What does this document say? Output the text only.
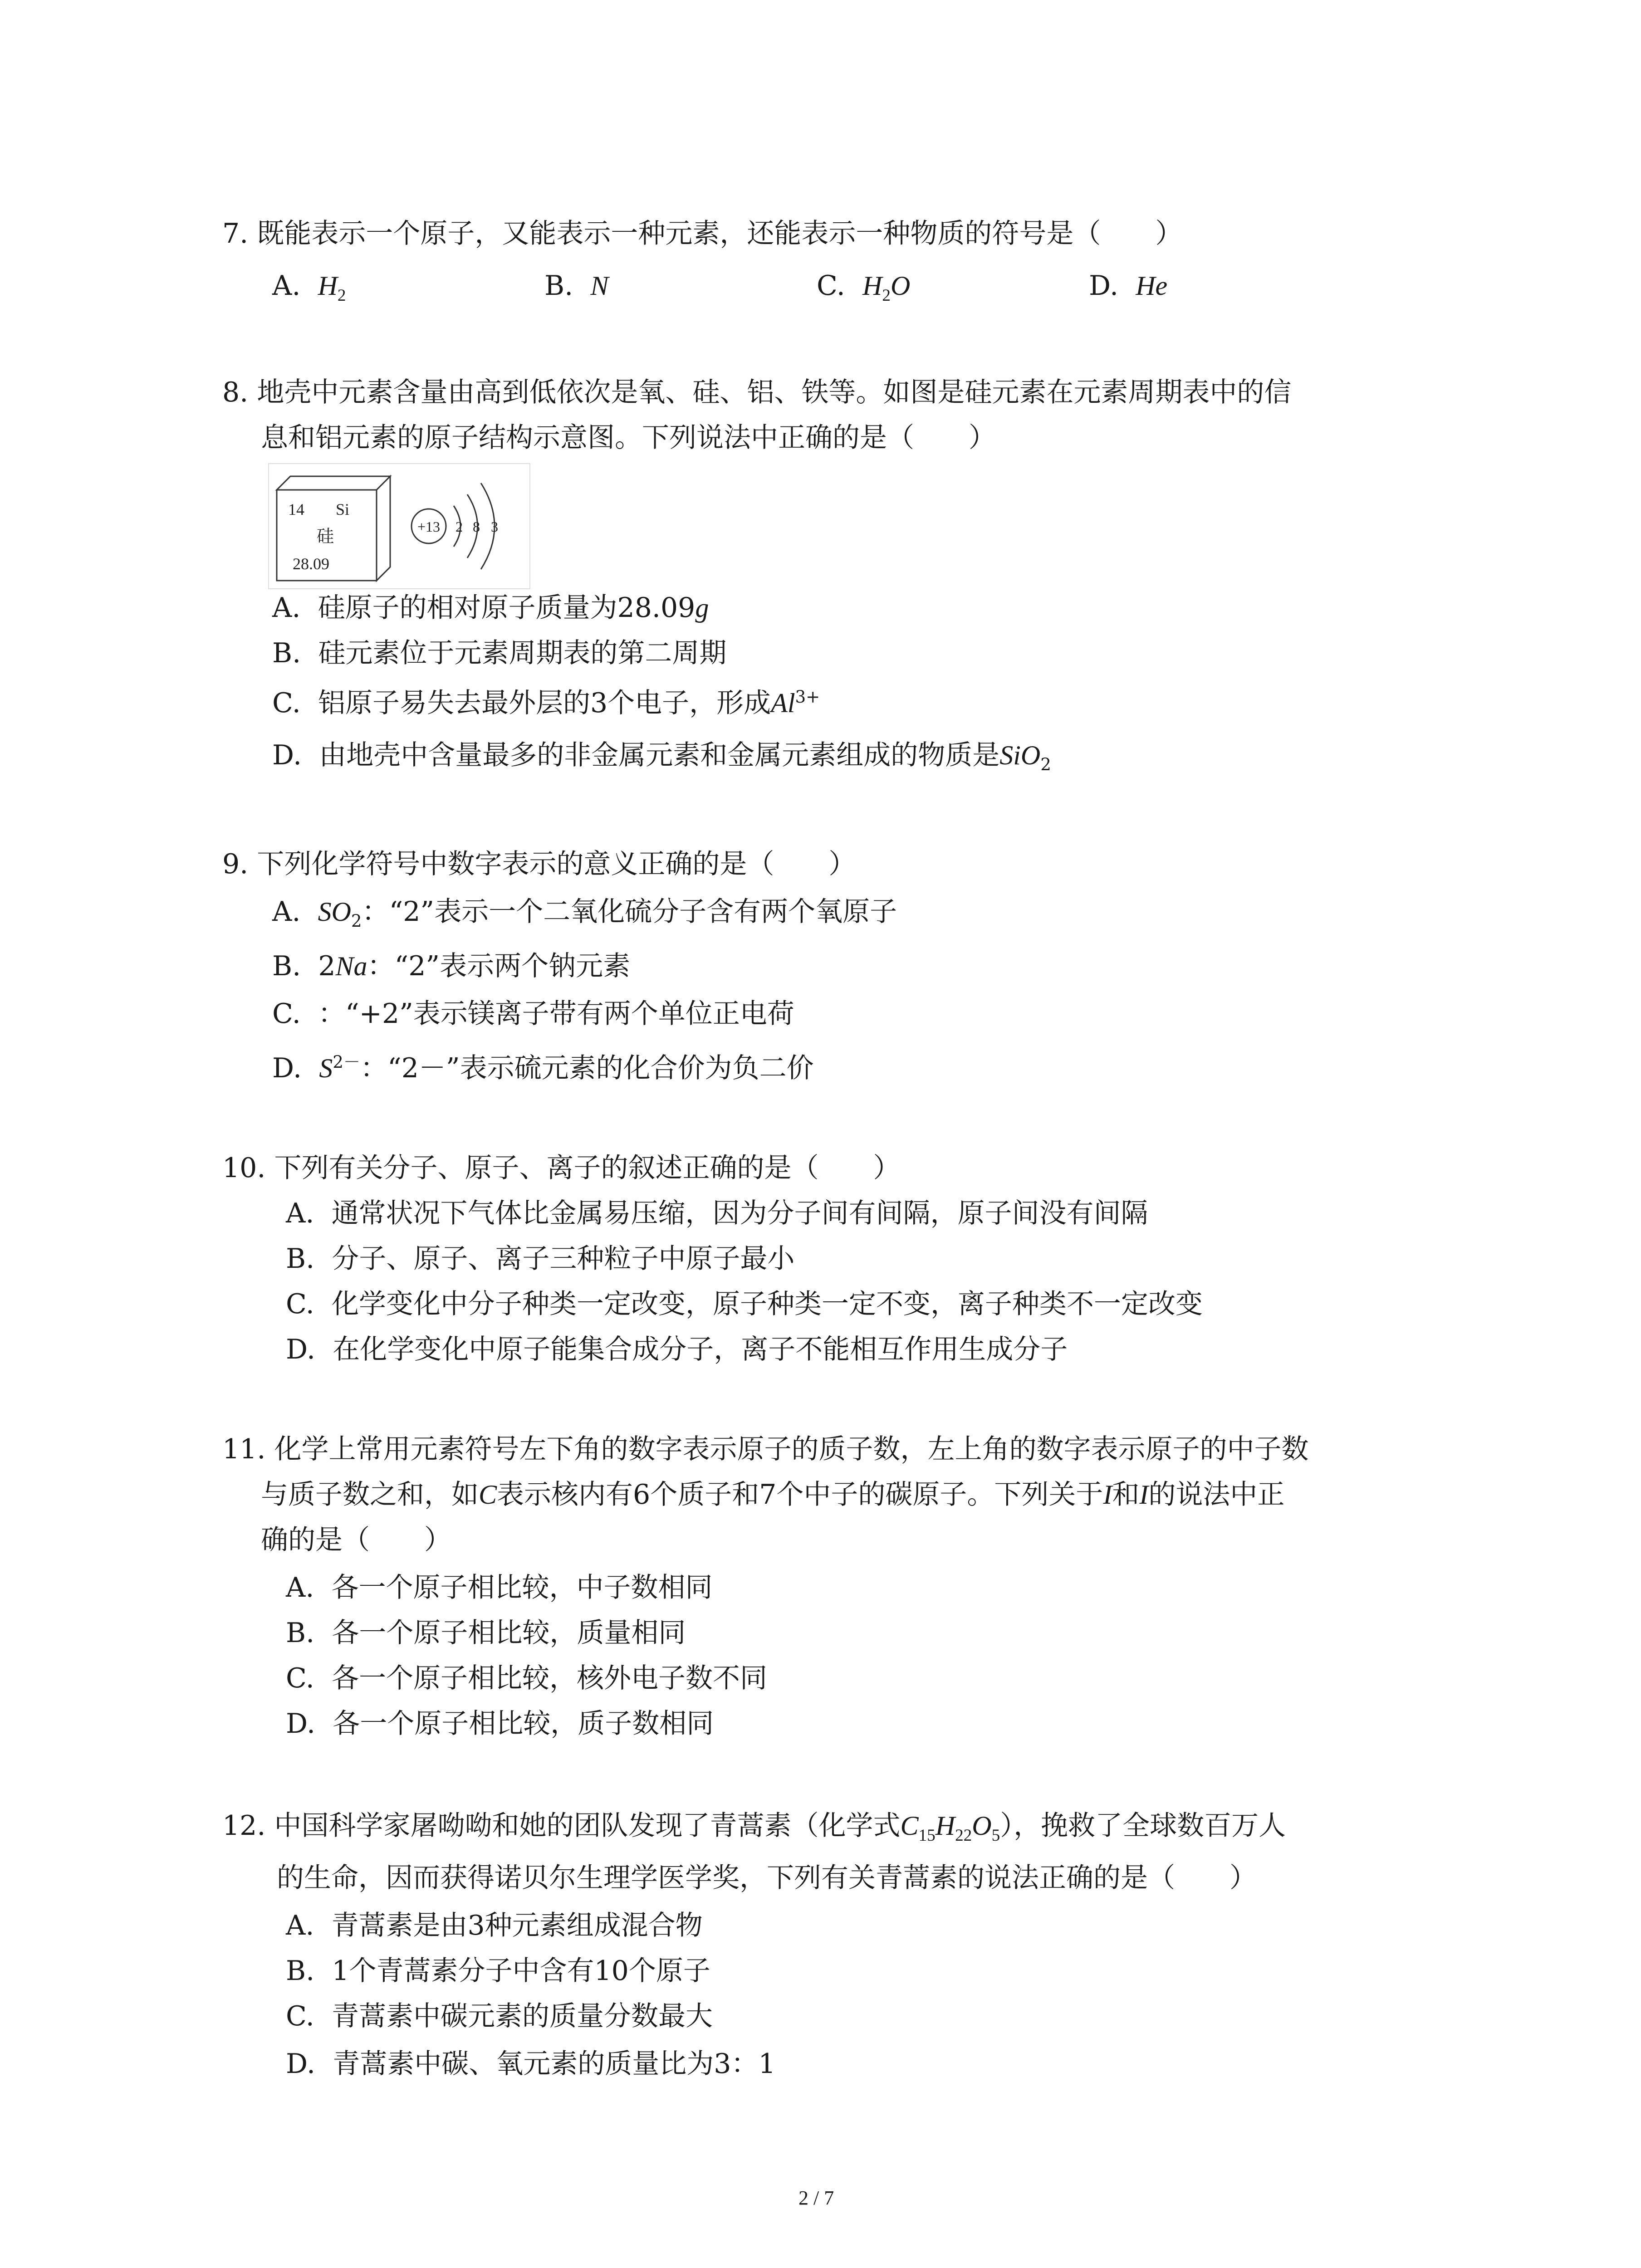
7. 既能表示一个原子，又能表示一种元素，还能表示一种物质的符号是（　　）
A. $H_2$	B. N	C. $H_2O$	D. He
8. 地壳中元素含量由高到低依次是氧、硅、铝、铁等。如图是硅元素在元素周期表中的信
息和铝元素的原子结构示意图。下列说法中正确的是（　　）
14 Si
硅
28.09
+13 2 8 3
A. 硅原子的相对原子质量为28.09g
B. 硅元素位于元素周期表的第二周期
C. 铝原子易失去最外层的3个电子，形成$Al^{3+}$
D. 由地壳中含量最多的非金属元素和金属元素组成的物质是SiO$_2$
9. 下列化学符号中数字表示的意义正确的是（　　）
A. $SO_2$：“2”表示一个二氧化硫分子含有两个氧原子
B. 2Na：“2”表示两个钠元素
C. ：“+2”表示镁离子带有两个单位正电荷
D. $S^{2-}$：“2－”表示硫元素的化合价为负二价
10. 下列有关分子、原子、离子的叙述正确的是（　　）
A. 通常状况下气体比金属易压缩，因为分子间有间隔，原子间没有间隔
B. 分子、原子、离子三种粒子中原子最小
C. 化学变化中分子种类一定改变，原子种类一定不变，离子种类不一定改变
D. 在化学变化中原子能集合成分子，离子不能相互作用生成分子
11. 化学上常用元素符号左下角的数字表示原子的质子数，左上角的数字表示原子的中子数
与质子数之和，如C表示核内有6个质子和7个中子的碳原子。下列关于I和I的说法中正
确的是（　　）
A. 各一个原子相比较，中子数相同
B. 各一个原子相比较，质量相同
C. 各一个原子相比较，核外电子数不同
D. 各一个原子相比较，质子数相同
12. 中国科学家屠呦呦和她的团队发现了青蒿素（化学式$C_{15}H_{22}O_5$），挽救了全球数百万人
的生命，因而获得诺贝尔生理学医学奖，下列有关青蒿素的说法正确的是（　　）
A. 青蒿素是由3种元素组成混合物
B. 1个青蒿素分子中含有10个原子
C. 青蒿素中碳元素的质量分数最大
D. 青蒿素中碳、氧元素的质量比为3：1
2 / 7
